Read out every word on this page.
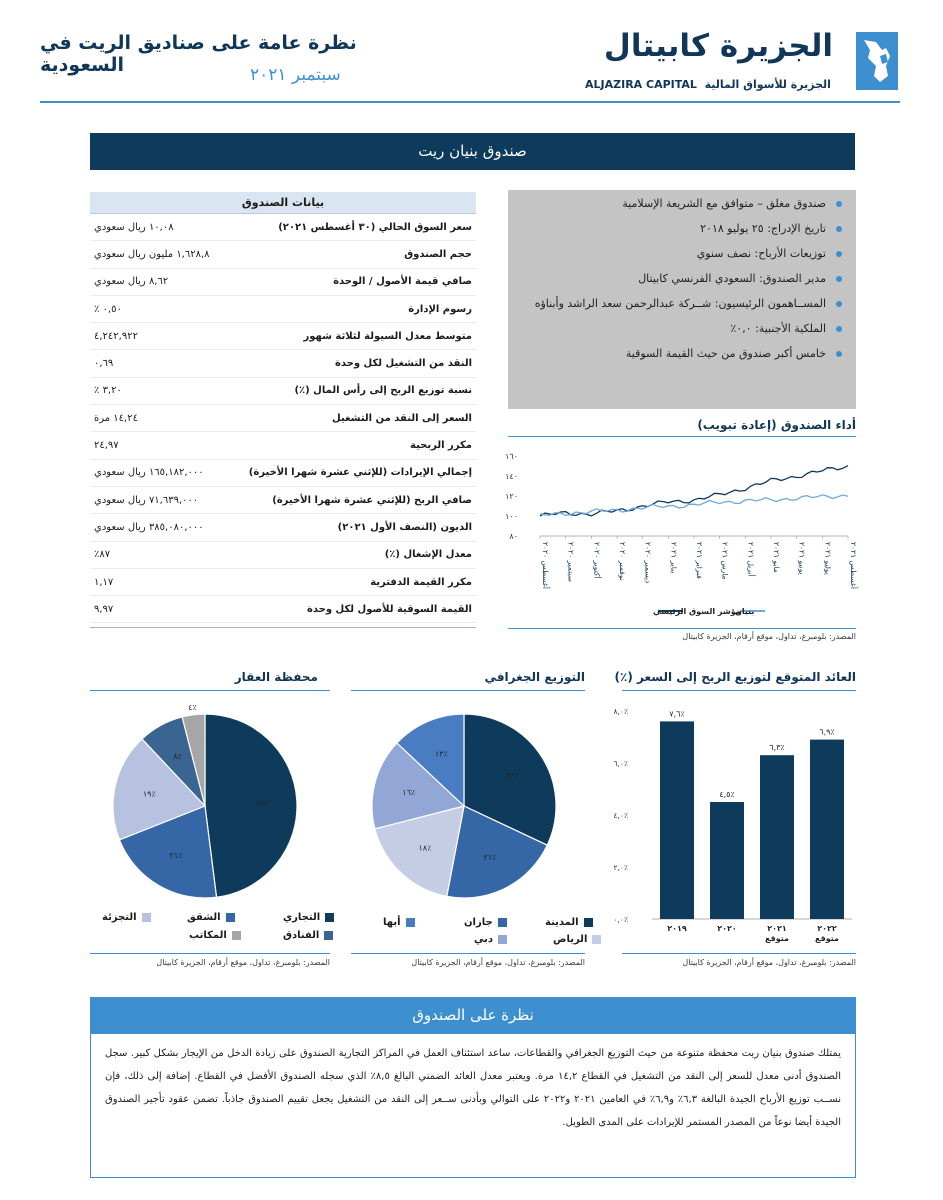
نظرة عامة على صناديق الريت في السعودية	سبتمبر ٢٠٢١
الجزيرة كابيتال
ALJAZIRA CAPITAL الجزيرة للأسواق المالية
صندوق بنيان ريت
صندوق مغلق – متوافق مع الشريعة الإسلامية
تاريخ الإدراج: ٢٥ يوليو ٢٠١٨
توزيعات الأرباح: نصف سنوي
مدير الصندوق: السعودي الفرنسي كابيتال
المســاهمون الرئيسيون: شــركة عبدالرحمن سعد الراشد وأبناؤه
الملكية الأجنبية: ٠,٠٪
خامس أكبر صندوق من حيث القيمة السوقية
بيانات الصندوق
سعر السوق الحالي (٣٠ أغسطس ٢٠٢١)
١٠,٠٨ ريال سعودي
حجم الصندوق
١,٦٢٨,٨ مليون ريال سعودي
صافي قيمة الأصول / الوحدة
٨,٦٢ ريال سعودي
رسوم الإدارة
٠,٥٠ ٪
متوسط معدل السيولة لثلاثة شهور
٤,٢٤٢,٩٢٢
النقد من التشغيل لكل وحدة
٠,٦٩
نسبة توزيع الربح إلى رأس المال (٪)
٣,٢٠ ٪
السعر إلى النقد من التشغيل
١٤,٢٤ مرة
مكرر الربحية
٢٤,٩٧
إجمالي الإيرادات (للإثني عشرة شهرا الأخيرة)
١٦٥,١٨٢,٠٠٠ ريال سعودي
صافي الربح (للإثني عشرة شهرا الأخيرة)
٧١,٦٣٩,٠٠٠ ريال سعودي
الديون (النصف الأول ٢٠٢١)
٣٨٥,٠٨٠,٠٠٠ ريال سعودي
معدل الإشغال (٪)
٨٧٪
مكرر القيمة الدفترية
١,١٧
القيمة السوقية للأصول لكل وحدة
٩,٩٧
أداء الصندوق (إعادة تبويب)
٨٠
١٠٠
١٢٠
١٤٠
١٦٠
أغسطس ٢٠٢٠
سبتمبر ٢٠٢٠
أكتوبر ٢٠٢٠
نوفمبر ٢٠٢٠
ديسمبر ٢٠٢٠
يناير ٢٠٢١
فبراير ٢٠٢١
مارس ٢٠٢١
أبريل ٢٠٢١
مايو ٢٠٢١
يونيو ٢٠٢١
يوليو ٢٠٢١
أغسطس ٢٠٢١
مؤشر السوق الرئيسي
بنيان
المصدر: بلومبرغ، تداول، موقع أرقام، الجزيرة كابيتال
العائد المتوقع لتوزيع الربح إلى السعر (٪)
التوزيع الجغرافي
محفظة العقار
٪٠,٠
٪٢,٠
٪٤,٠
٪٦,٠
٪٨,٠	٪٧,٦
٢٠١٩
٪٤,٥
٢٠٢٠
٪٦,٣
٢٠٢١
متوقع
٪٦,٩
٢٠٢٢
متوقع
المصدر: بلومبرغ، تداول، موقع أرقام، الجزيرة كابيتال
٪٣٢
٪٢١
٪١٨
٪١٦
٪١٣
المدينة
جازان
أبها
الرياض
دبي
المصدر: بلومبرغ، تداول، موقع أرقام، الجزيرة كابيتال
٪٤٨
٪٢١
٪١٩
٪٨
٪٤
التجاري
الشقق
التجزئة
الفنادق
المكاتب
المصدر: بلومبرغ، تداول، موقع أرقام، الجزيرة كابيتال
نظرة على الصندوق

يمتلك صندوق بنيان ريت محفظة متنوعة من حيث التوزيع الجغرافي والقطاعات، ساعد استئناف العمل في المراكز التجارية الصندوق على زيادة الدخل من الإيجار بشكل كبير. سجل الصندوق أدنى معدل للسعر إلى النقد من التشغيل في القطاع ١٤,٢ مرة. ويعتبر معدل العائد الضمني البالغ ٨,٥٪ الذي سجله الصندوق الأفضل في القطاع. إضافة إلى ذلك، فإن نســب توزيع الأرباح الجيدة البالغة ٦,٣٪ و٦,٩٪ في العامين ٢٠٢١ و٢٠٢٢ على التوالي وبأدنى ســعر إلى النقد من التشغيل يجعل تقييم الصندوق جاذباً. تضمن عقود تأجير الصندوق الجيدة أيضا نوعاً من المصدر المستمر للإيرادات على المدى الطويل.
